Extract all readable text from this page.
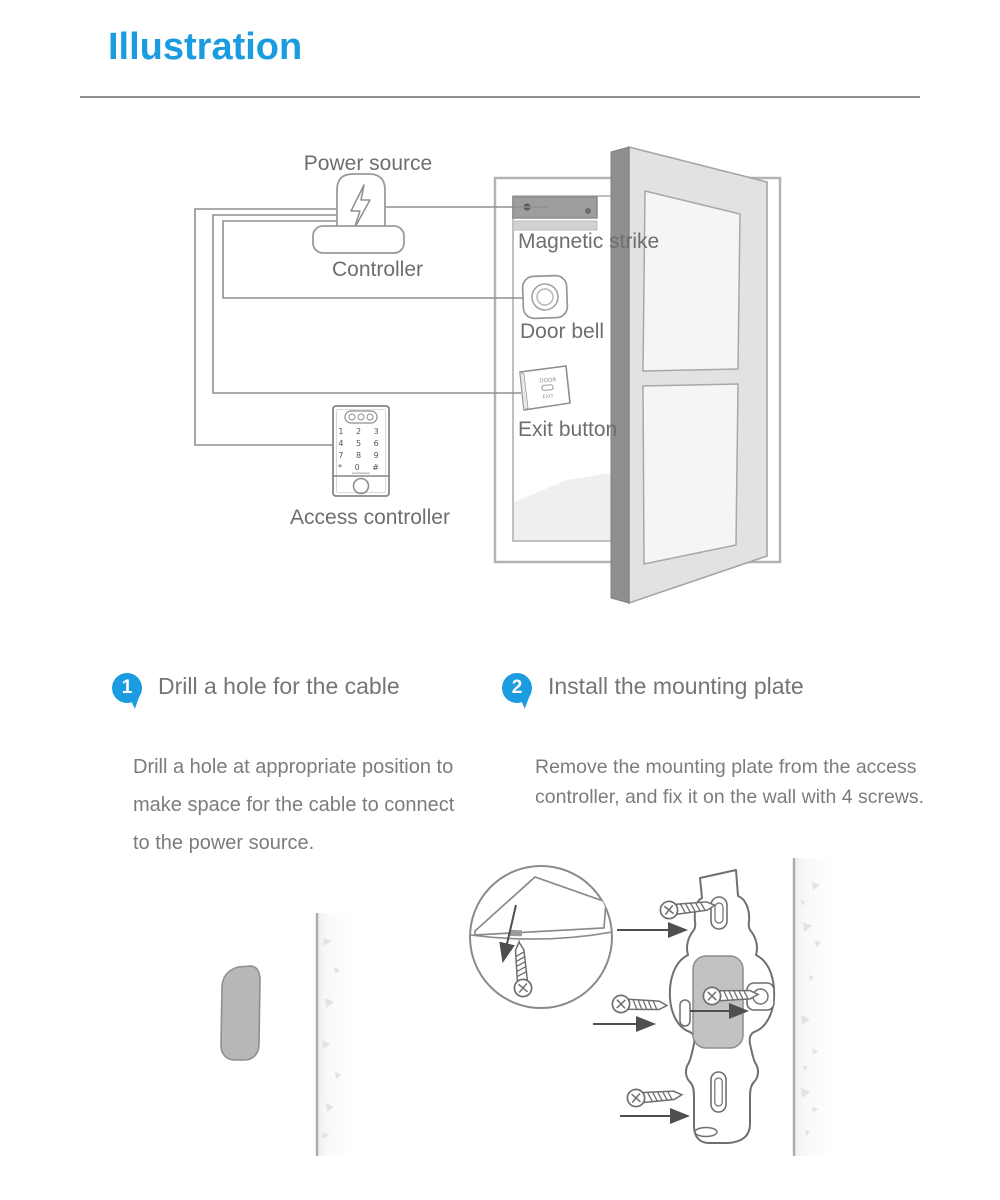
DOOR
EXIT
1 2 3
4 5 6
7 8 9
* 0 #
Illustration
Power source
Controller
Magnetic strike
Door bell
Exit button
Access controller
1	Drill a hole for the cable
Drill a hole at appropriate position to make space for the cable to connect to the power source.
2	Install the mounting plate
Remove the mounting plate from the access controller, and fix it on the wall with 4 screws.
